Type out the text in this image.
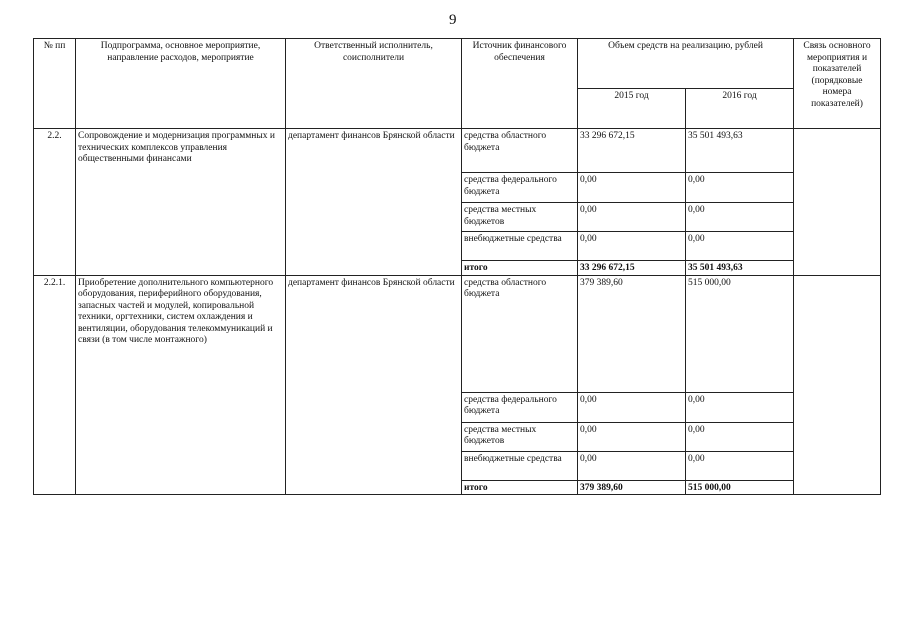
9
№ пп	Подпрограмма, основное мероприятие, направление расходов, мероприятие	Ответственный исполнитель, соисполнители	Источник финансового обеспечения	Объем средств на реализацию, рублей		Связь основного мероприятия и показателей (порядковые номера показателей)
				2015 год	2016 год	
2.2.	Сопровождение и модернизация программных и технических комплексов управления общественными финансами	департамент финансов Брянской области	средства областного бюджета	33 296 672,15	35 501 493,63	
			средства федерального бюджета	0,00	0,00	
			средства местных бюджетов	0,00	0,00	
			внебюджетные средства	0,00	0,00	
			итого	33 296 672,15	35 501 493,63	
2.2.1.	Приобретение дополнительного компьютерного оборудования, периферийного оборудования, запасных частей и модулей, копировальной техники, оргтехники, систем охлаждения и вентиляции, оборудования телекоммуникаций и связи (в том числе монтажного)	департамент финансов Брянской области	средства областного бюджета	379 389,60	515 000,00	
			средства федерального бюджета	0,00	0,00	
			средства местных бюджетов	0,00	0,00	
			внебюджетные средства	0,00	0,00	
			итого	379 389,60	515 000,00	
